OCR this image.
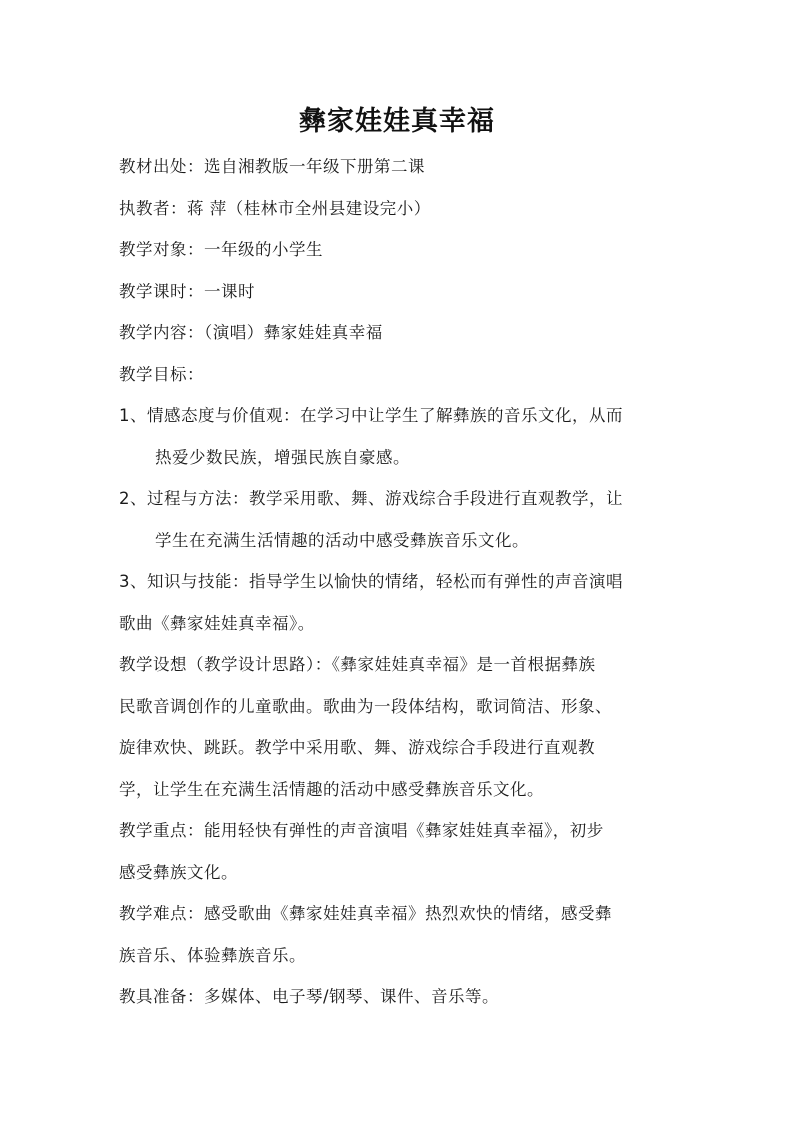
彝家娃娃真幸福

教材出处：选自湘教版一年级下册第二课

执教者：蒋 萍（桂林市全州县建设完小）

教学对象：一年级的小学生

教学课时：一课时

教学内容：（演唱）彝家娃娃真幸福

教学目标：

1、情感态度与价值观：在学习中让学生了解彝族的音乐文化，从而

热爱少数民族，增强民族自豪感。

2、过程与方法：教学采用歌、舞、游戏综合手段进行直观教学，让

学生在充满生活情趣的活动中感受彝族音乐文化。

3、知识与技能：指导学生以愉快的情绪，轻松而有弹性的声音演唱

歌曲《彝家娃娃真幸福》。

教学设想（教学设计思路）：《彝家娃娃真幸福》是一首根据彝族

民歌音调创作的儿童歌曲。歌曲为一段体结构，歌词简洁、形象、

旋律欢快、跳跃。教学中采用歌、舞、游戏综合手段进行直观教

学，让学生在充满生活情趣的活动中感受彝族音乐文化。

教学重点：能用轻快有弹性的声音演唱《彝家娃娃真幸福》，初步

感受彝族文化。

教学难点：感受歌曲《彝家娃娃真幸福》热烈欢快的情绪，感受彝

族音乐、体验彝族音乐。

教具准备：多媒体、电子琴/钢琴、课件、音乐等。
